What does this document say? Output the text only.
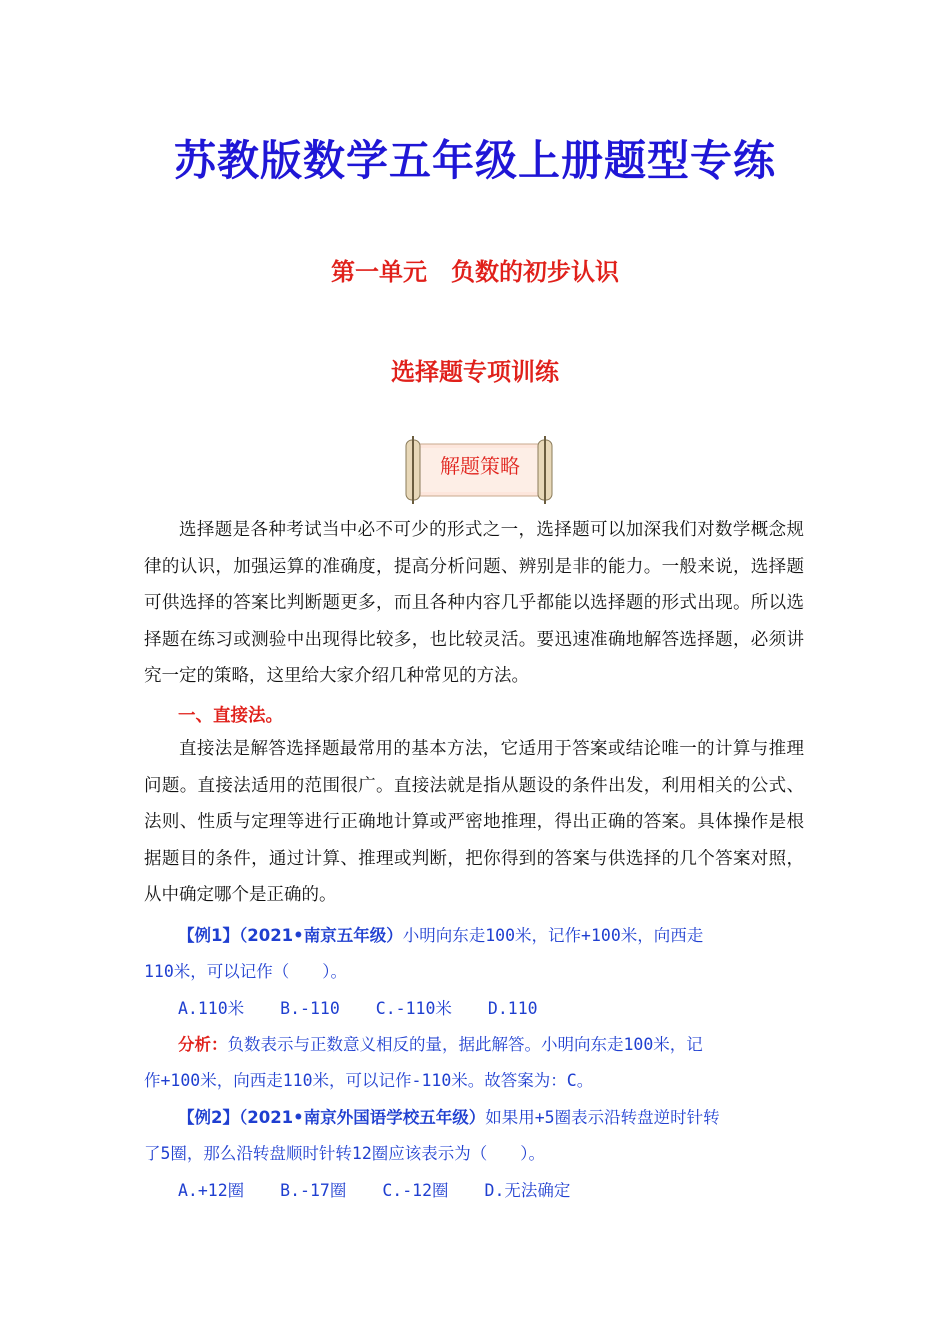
苏教版数学五年级上册题型专练
第一单元　负数的初步认识
选择题专项训练
解题策略

选择题是各种考试当中必不可少的形式之一，选择题可以加深我们对数学概念规律的认识，加强运算的准确度，提高分析问题、辨别是非的能力。一般来说，选择题可供选择的答案比判断题更多，而且各种内容几乎都能以选择题的形式出现。所以选择题在练习或测验中出现得比较多，也比较灵活。要迅速准确地解答选择题，必须讲究一定的策略，这里给大家介绍几种常见的方法。

一、直接法。

直接法是解答选择题最常用的基本方法，它适用于答案或结论唯一的计算与推理问题。直接法适用的范围很广。直接法就是指从题设的条件出发，利用相关的公式、法则、性质与定理等进行正确地计算或严密地推理，得出正确的答案。具体操作是根据题目的条件，通过计算、推理或判断，把你得到的答案与供选择的几个答案对照，从中确定哪个是正确的。

【例1】（2021•南京五年级）小明向东走100米，记作+100米，向西走
110米，可以记作（　　）。
A.110米 B.-110 C.-110米 D.110
分析：负数表示与正数意义相反的量，据此解答。小明向东走100米，记
作+100米，向西走110米，可以记作-110米。故答案为：C。
【例2】（2021•南京外国语学校五年级）如果用+5圈表示沿转盘逆时针转
了5圈，那么沿转盘顺时针转12圈应该表示为（　　）。
A.+12圈 B.-17圈 C.-12圈 D.无法确定
